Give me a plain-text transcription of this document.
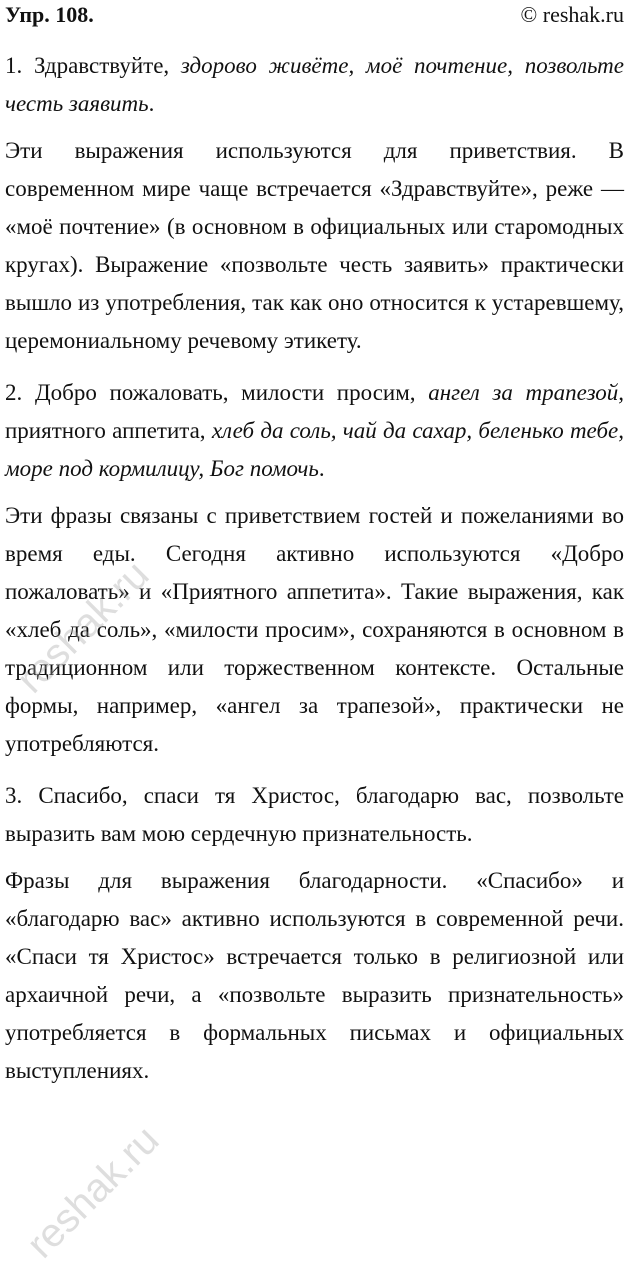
Упр. 108.	© reshak.ru

1. Здравствуйте, здорово живёте, моё почтение, позвольте честь заявить.

Эти выражения используются для приветствия. В современном мире чаще встречается «Здравствуйте», реже — «моё почтение» (в основном в официальных или старомодных кругах). Выражение «позвольте честь заявить» практически вышло из употребления, так как оно относится к устаревшему, церемониальному речевому этикету.

2. Добро пожаловать, милости просим, ангел за трапезой, приятного аппетита, хлеб да соль, чай да сахар, беленько тебе, море под кормилицу, Бог помочь.

Эти фразы связаны с приветствием гостей и пожеланиями во время еды. Сегодня активно используются «Добро пожаловать» и «Приятного аппетита». Такие выражения, как «хлеб да соль», «милости просим», сохраняются в основном в традиционном или торжественном контексте. Остальные формы, например, «ангел за трапезой», практически не употребляются.

3. Спасибо, спаси тя Христос, благодарю вас, позвольте выразить вам мою сердечную признательность.

Фразы для выражения благодарности. «Спасибо» и «благодарю вас» активно используются в современной речи. «Спаси тя Христос» встречается только в религиозной или архаичной речи, а «позвольте выразить признательность» употребляется в формальных письмах и официальных выступлениях.

reshak.ru
reshak.ru
